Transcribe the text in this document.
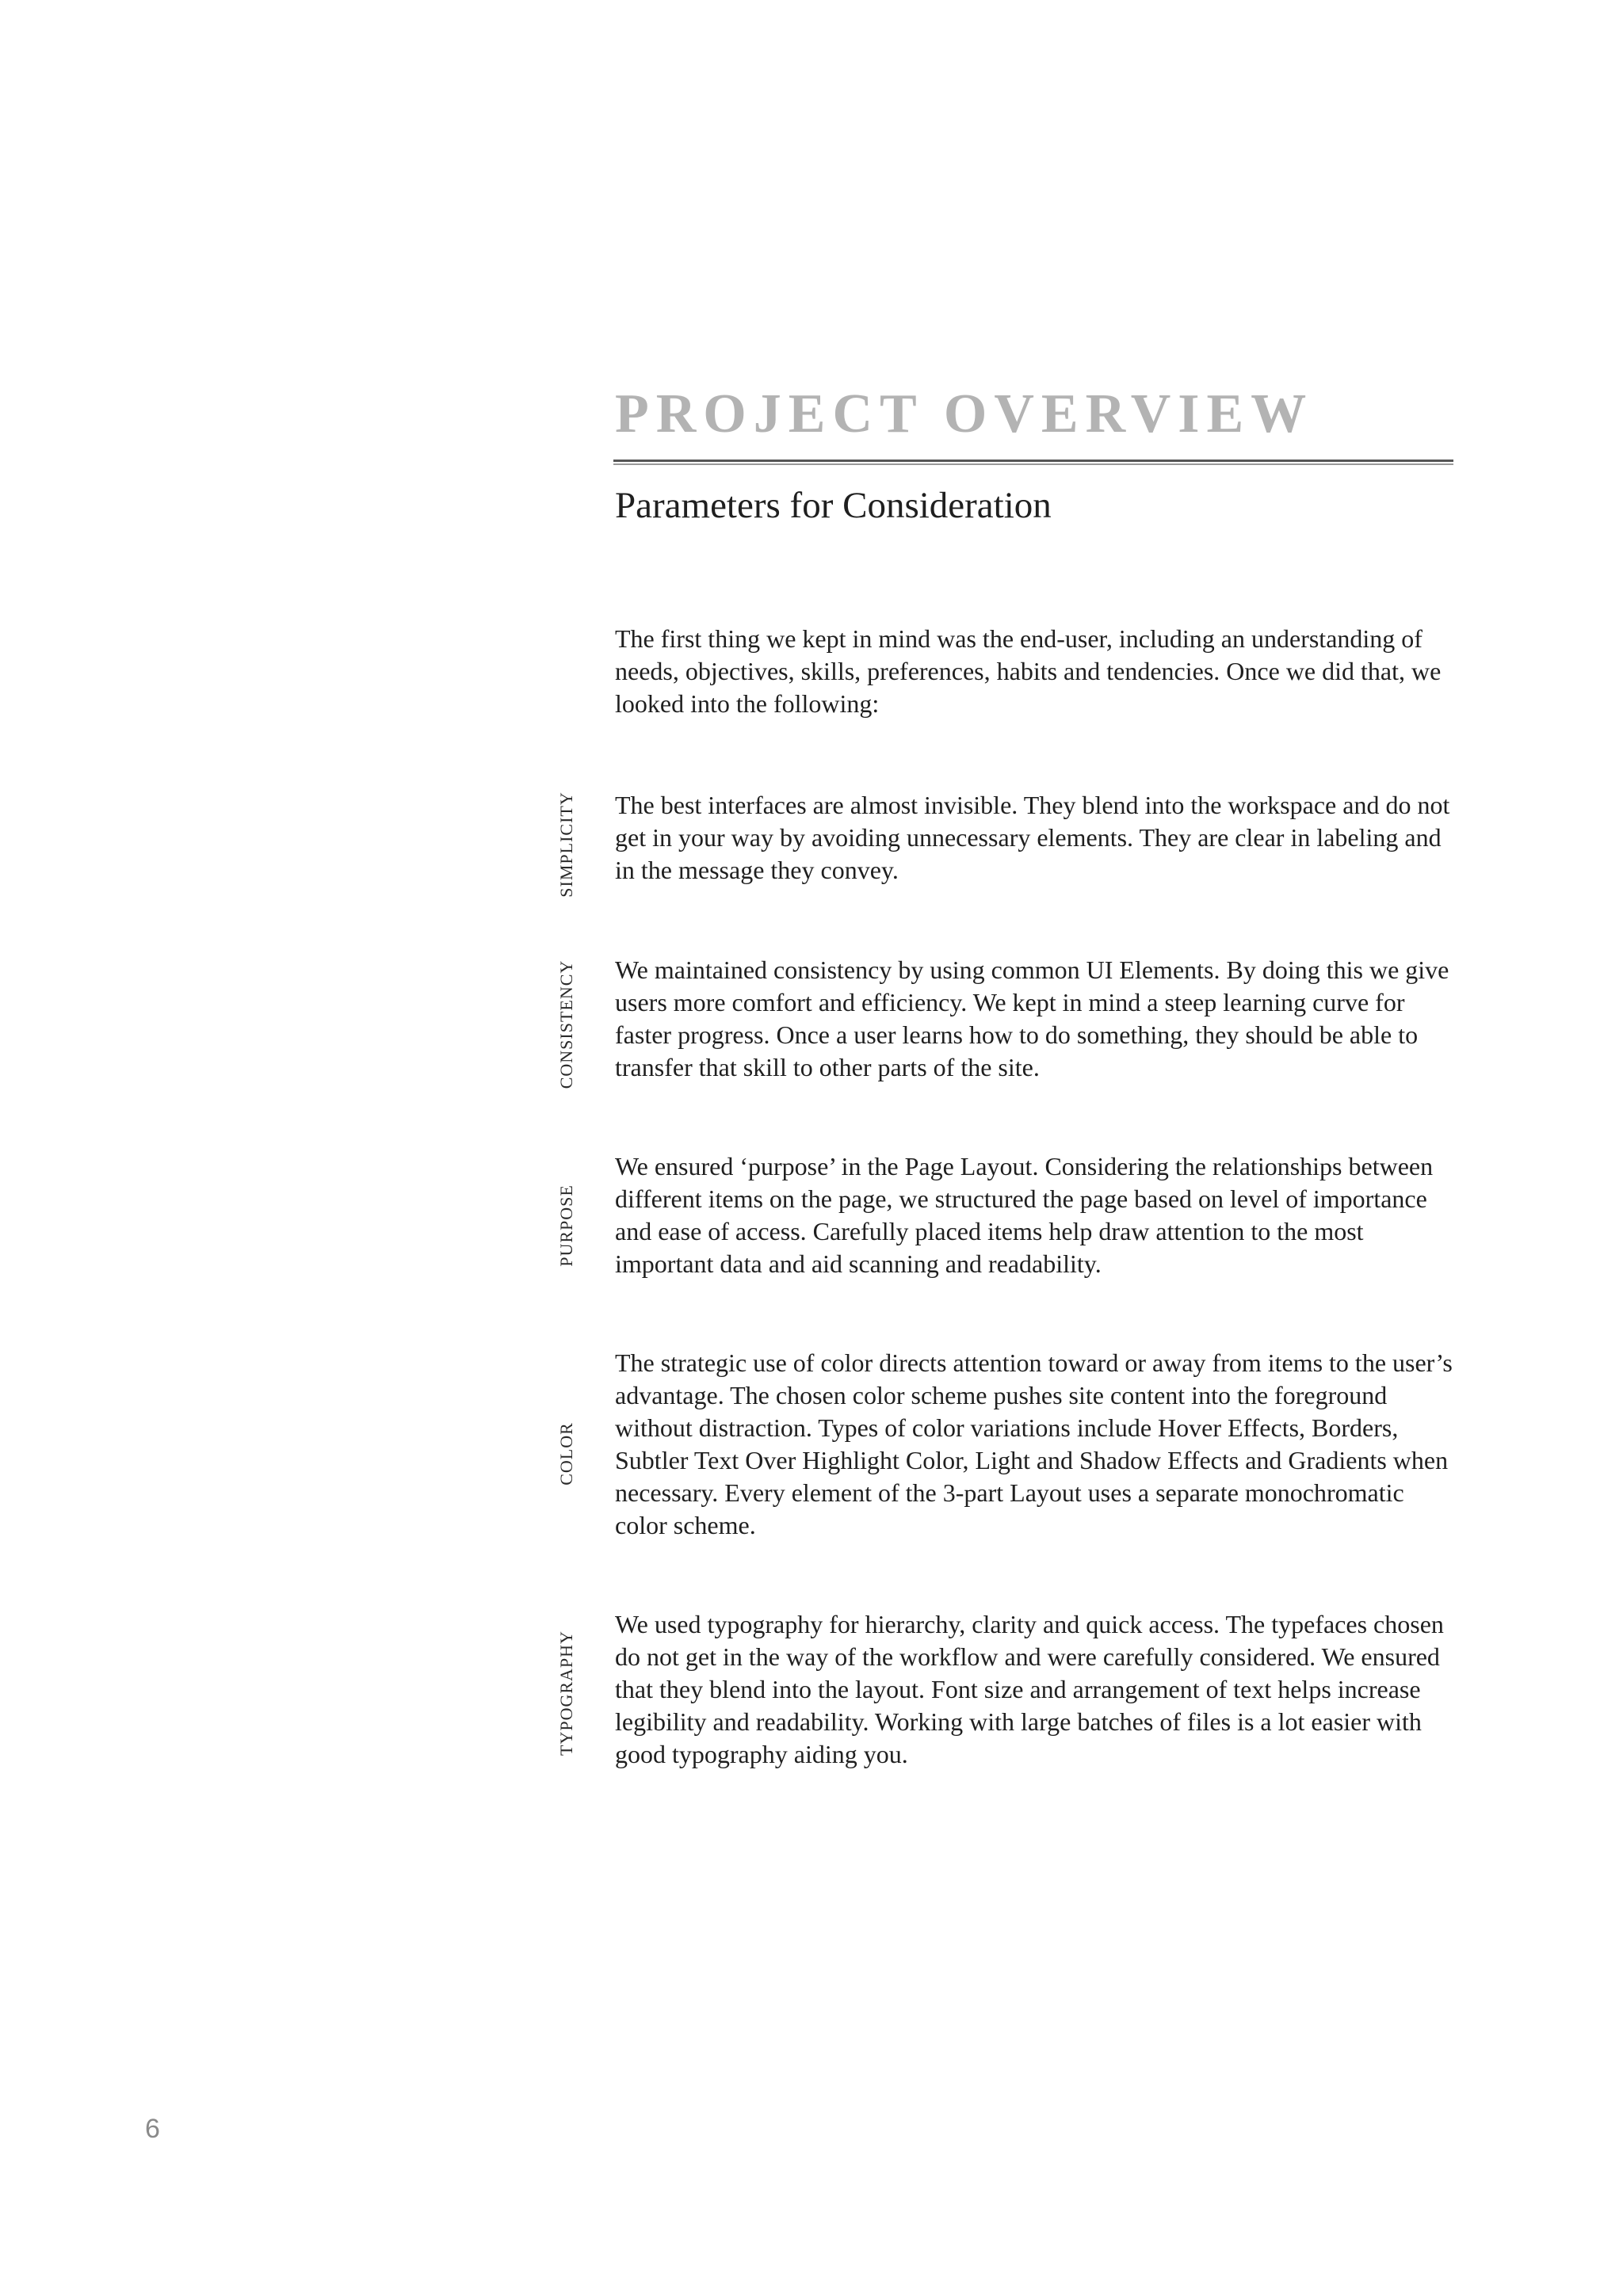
PROJECT OVERVIEW
Parameters for Consideration

The first thing we kept in mind was the end-user, including an understanding of needs, objectives, skills, preferences, habits and tendencies. Once we did that, we looked into the following:

SIMPLICITY The best interfaces are almost invisible. They blend into the workspace and do not get in your way by avoiding unnecessary elements. They are clear in labeling and in the message they convey.

CONSISTENCY We maintained consistency by using common UI Elements. By doing this we give users more comfort and efficiency. We kept in mind a steep learning curve for faster progress. Once a user learns how to do something, they should be able to transfer that skill to other parts of the site.

PURPOSE

We ensured ‘purpose’ in the Page Layout. Considering the relationships between different items on the page, we structured the page based on level of importance and ease of access. Carefully placed items help draw attention to the most important data and aid scanning and readability.

COLOR

The strategic use of color directs attention toward or away from items to the user’s advantage. The chosen color scheme pushes site content into the foreground without distraction. Types of color variations include Hover Effects, Borders, Subtler Text Over Highlight Color, Light and Shadow Effects and Gradients when necessary. Every element of the 3-part Layout uses a separate monochromatic color scheme.

TYPOGRAPHY

We used typography for hierarchy, clarity and quick access. The typefaces chosen do not get in the way of the workflow and were carefully considered. We ensured that they blend into the layout. Font size and arrangement of text helps increase legibility and readability. Working with large batches of files is a lot easier with good typography aiding you.

6
